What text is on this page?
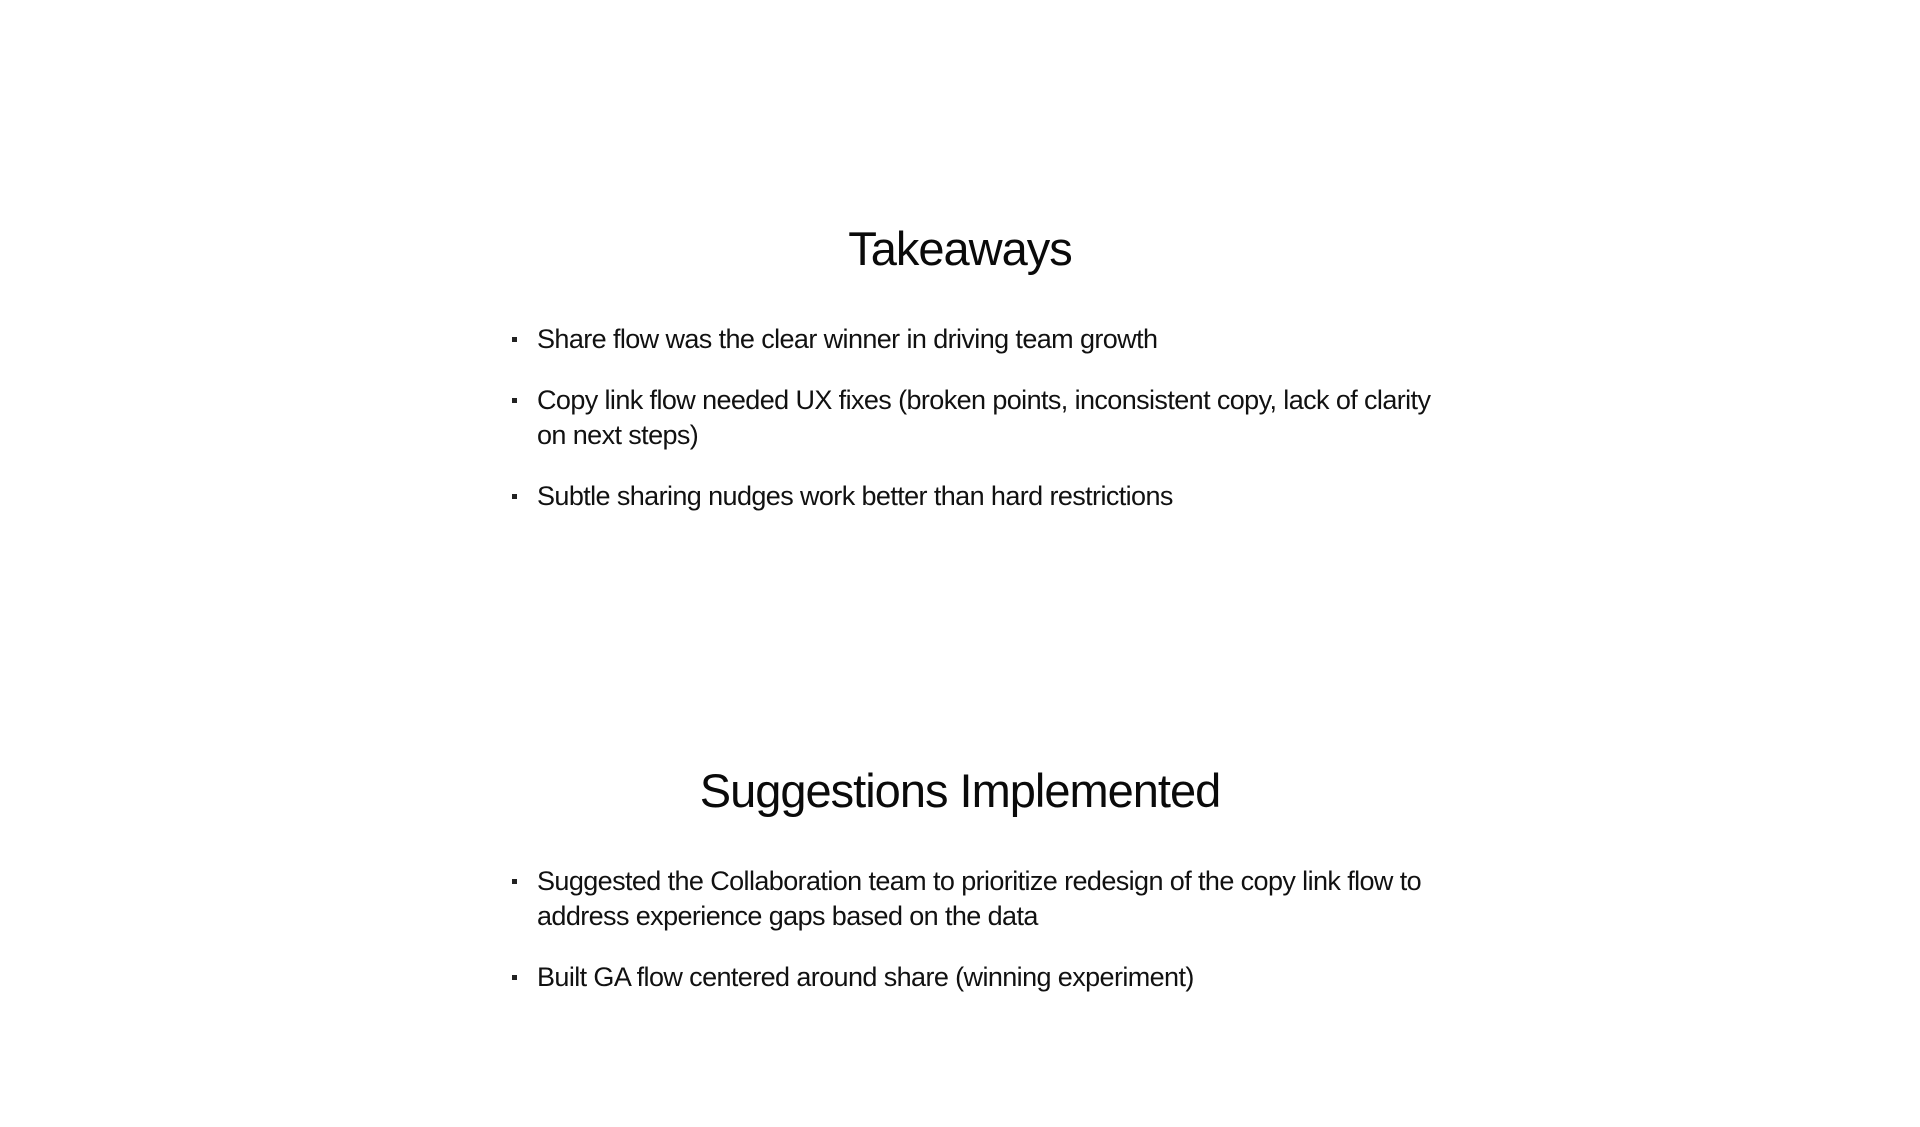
Takeaways
Share flow was the clear winner in driving team growth
Copy link flow needed UX fixes (broken points, inconsistent copy, lack of clarity on next steps)
Subtle sharing nudges work better than hard restrictions
Suggestions Implemented
Suggested the Collaboration team to prioritize redesign of the copy link flow to address experience gaps based on the data
Built GA flow centered around share (winning experiment)
